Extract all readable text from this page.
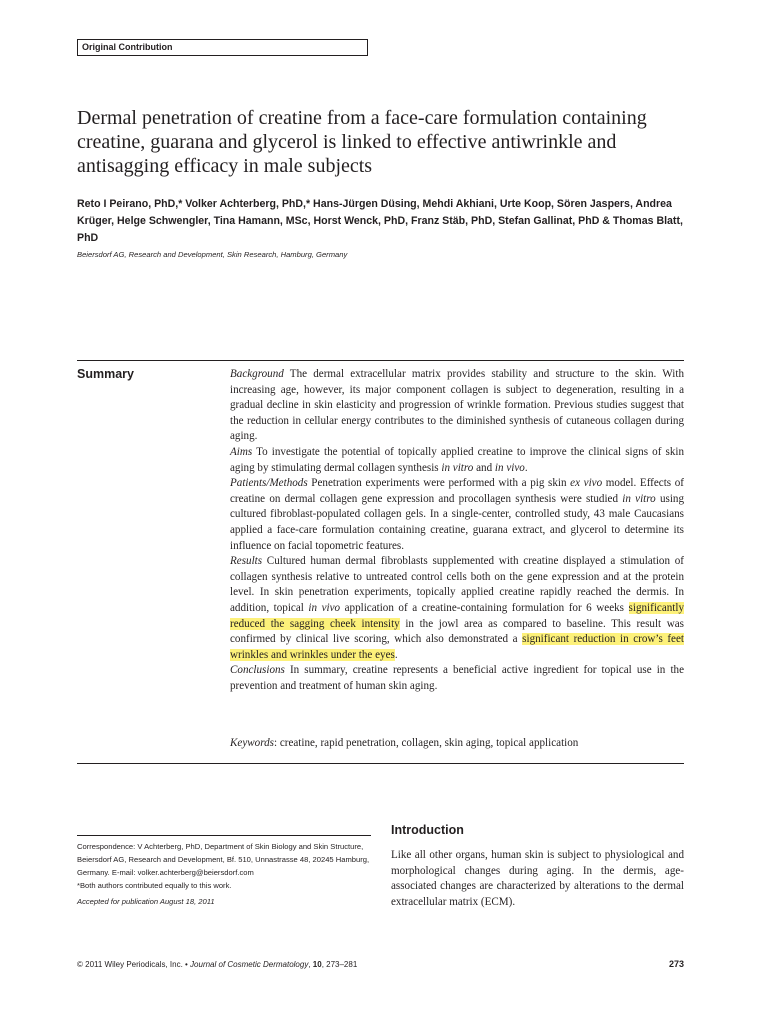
Original Contribution
Dermal penetration of creatine from a face-care formulation containing creatine, guarana and glycerol is linked to effective antiwrinkle and antisagging efficacy in male subjects
Reto I Peirano, PhD,* Volker Achterberg, PhD,* Hans-Jürgen Düsing, Mehdi Akhiani, Urte Koop, Sören Jaspers, Andrea Krüger, Helge Schwengler, Tina Hamann, MSc, Horst Wenck, PhD, Franz Stäb, PhD, Stefan Gallinat, PhD & Thomas Blatt, PhD
Beiersdorf AG, Research and Development, Skin Research, Hamburg, Germany
Summary	Background The dermal extracellular matrix provides stability and structure to the skin. With increasing age, however, its major component collagen is subject to degeneration, resulting in a gradual decline in skin elasticity and progression of wrinkle formation. Previous studies suggest that the reduction in cellular energy contributes to the diminished synthesis of cutaneous collagen during aging.

Aims To investigate the potential of topically applied creatine to improve the clinical signs of skin aging by stimulating dermal collagen synthesis in vitro and in vivo.

Patients/Methods Penetration experiments were performed with a pig skin ex vivo model. Effects of creatine on dermal collagen gene expression and procollagen synthesis were studied in vitro using cultured fibroblast-populated collagen gels. In a single-center, controlled study, 43 male Caucasians applied a face-care formulation containing creatine, guarana extract, and glycerol to determine its influence on facial topometric features.

Results Cultured human dermal fibroblasts supplemented with creatine displayed a stimulation of collagen synthesis relative to untreated control cells both on the gene expression and at the protein level. In skin penetration experiments, topically applied creatine rapidly reached the dermis. In addition, topical in vivo application of a creatine-containing formulation for 6 weeks significantly reduced the sagging cheek intensity in the jowl area as compared to baseline. This result was confirmed by clinical live scoring, which also demonstrated a significant reduction in crow’s feet wrinkles and wrinkles under the eyes.

Conclusions In summary, creatine represents a beneficial active ingredient for topical use in the prevention and treatment of human skin aging.

Keywords: creatine, rapid penetration, collagen, skin aging, topical application
Correspondence: V Achterberg, PhD, Department of Skin Biology and Skin Structure, Beiersdorf AG, Research and Development, Bf. 510, Unnastrasse 48, 20245 Hamburg, Germany. E-mail: volker.achterberg@beiersdorf.com
*Both authors contributed equally to this work.
Accepted for publication August 18, 2011
Introduction
Like all other organs, human skin is subject to physiological and morphological changes during aging. In the dermis, age-associated changes are characterized by alterations to the dermal extracellular matrix (ECM).
© 2011 Wiley Periodicals, Inc. • Journal of Cosmetic Dermatology, 10, 273–281	273
